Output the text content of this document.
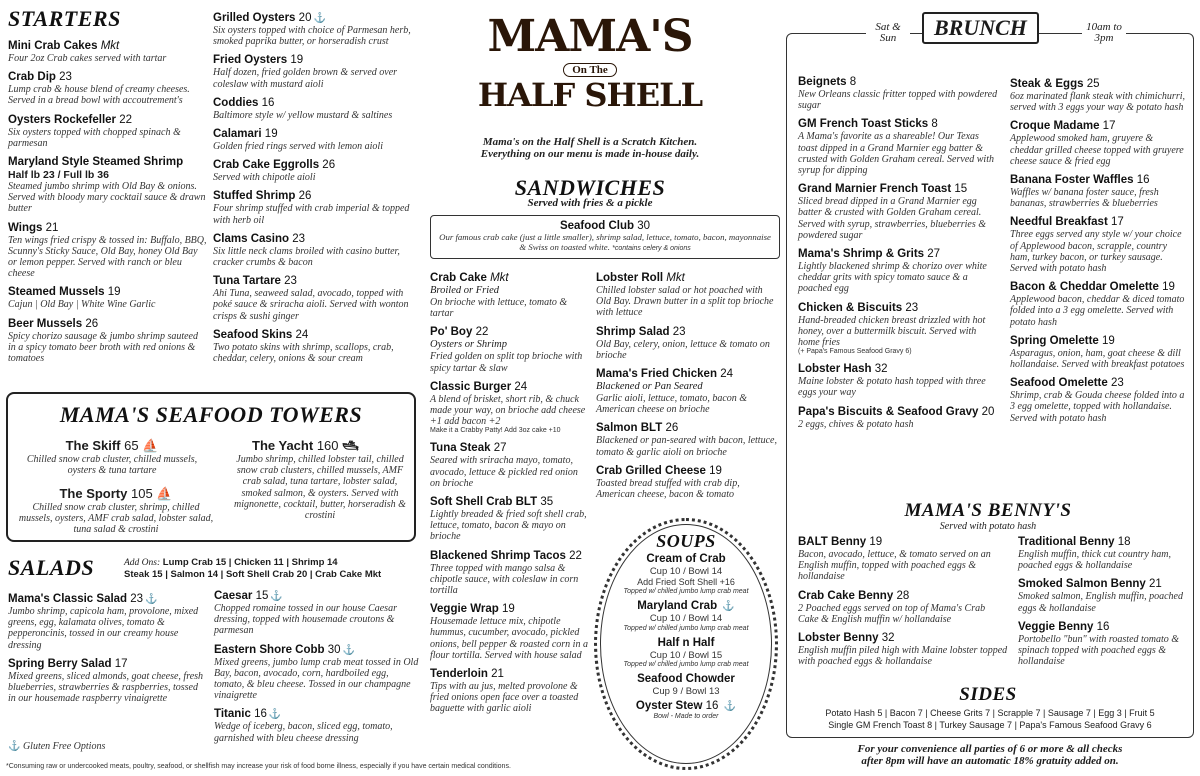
STARTERS
Mini Crab Cakes Mkt
Four 2oz Crab cakes served with tartar
Crab Dip 23
Lump crab & house blend of creamy cheeses. Served in a bread bowl with accoutrement's
Oysters Rockefeller 22
Six oysters topped with chopped spinach & parmesan
Maryland Style Steamed Shrimp
Half lb 23 / Full lb 36
Steamed jumbo shrimp with Old Bay & onions. Served with bloody mary cocktail sauce & drawn butter
Wings 21
Ten wings fried crispy & tossed in: Buffalo, BBQ, Scunny's Sticky Sauce, Old Bay, honey Old Bay or lemon pepper. Served with ranch or bleu cheese
Steamed Mussels 19
Cajun | Old Bay | White Wine Garlic
Beer Mussels 26
Spicy chorizo sausage & jumbo shrimp sauteed in a spicy tomato beer broth with red onions & tomatoes
Grilled Oysters 20 ⚓
Six oysters topped with choice of Parmesan herb, smoked paprika butter, or horseradish crust
Fried Oysters 19
Half dozen, fried golden brown & served over coleslaw with mustard aioli
Coddies 16
Baltimore style w/ yellow mustard & saltines
Calamari 19
Golden fried rings served with lemon aioli
Crab Cake Eggrolls 26
Served with chipotle aioli
Stuffed Shrimp 26
Four shrimp stuffed with crab imperial & topped with herb oil
Clams Casino 23
Six little neck clams broiled with casino butter, cracker crumbs & bacon
Tuna Tartare 23
Ahi Tuna, seaweed salad, avocado, topped with poké sauce & sriracha aioli. Served with wonton crisps & sushi ginger
Seafood Skins 24
Two potato skins with shrimp, scallops, crab, cheddar, celery, onions & sour cream
MAMA'S SEAFOOD TOWERS
The Skiff 65 ⛵
Chilled snow crab cluster, chilled mussels, oysters & tuna tartare
The Sporty 105 ⛵
Chilled snow crab cluster, shrimp, chilled mussels, oysters, AMF crab salad, lobster salad, tuna salad & crostini
The Yacht 160 🛥
Jumbo shrimp, chilled lobster tail, chilled snow crab clusters, chilled mussels, AMF crab salad, tuna tartare, lobster salad, smoked salmon, & oysters. Served with mignonette, cocktail, butter, horseradish & crostini
SALADS	Add Ons: Lump Crab 15 | Chicken 11 | Shrimp 14
Steak 15 | Salmon 14 | Soft Shell Crab 20 | Crab Cake Mkt
Mama's Classic Salad 23 ⚓
Jumbo shrimp, capicola ham, provolone, mixed greens, egg, kalamata olives, tomato & pepperoncinis, tossed in our creamy house dressing
Spring Berry Salad 17
Mixed greens, sliced almonds, goat cheese, fresh blueberries, strawberries & raspberries, tossed in our housemade raspberry vinaigrette
Caesar 15 ⚓
Chopped romaine tossed in our house Caesar dressing, topped with housemade croutons & parmesan
Eastern Shore Cobb 30 ⚓
Mixed greens, jumbo lump crab meat tossed in Old Bay, bacon, avocado, corn, hardboiled egg, tomato, & bleu cheese. Tossed in our champagne vinaigrette
Titanic 16 ⚓
Wedge of iceberg, bacon, sliced egg, tomato, garnished with bleu cheese dressing
⚓ Gluten Free Options
*Consuming raw or undercooked meats, poultry, seafood, or shellfish may increase your risk of food borne illness, especially if you have certain medical conditions.
MAMA'S
On The
HALF SHELL
Mama's on the Half Shell is a Scratch Kitchen.
Everything on our menu is made in-house daily.
SANDWICHES
Served with fries & a pickle
Seafood Club 30
Our famous crab cake (just a little smaller), shrimp salad, lettuce, tomato, bacon, mayonnaise & Swiss on toasted white. *contains celery & onions
Crab Cake Mkt
Broiled or Fried
On brioche with lettuce, tomato & tartar
Po' Boy 22
Oysters or Shrimp
Fried golden on split top brioche with spicy tartar & slaw
Classic Burger 24
A blend of brisket, short rib, & chuck made your way, on brioche add cheese +1 add bacon +2
Make it a Crabby Patty! Add 3oz cake +10
Tuna Steak 27
Seared with sriracha mayo, tomato, avocado, lettuce & pickled red onion on brioche
Soft Shell Crab BLT 35
Lightly breaded & fried soft shell crab, lettuce, tomato, bacon & mayo on brioche
Blackened Shrimp Tacos 22
Three topped with mango salsa & chipotle sauce, with coleslaw in corn tortilla
Veggie Wrap 19
Housemade lettuce mix, chipotle hummus, cucumber, avocado, pickled onions, bell pepper & roasted corn in a flour tortilla. Served with house salad
Tenderloin 21
Tips with au jus, melted provolone & fried onions open face over a toasted baguette with garlic aioli
Lobster Roll Mkt
Chilled lobster salad or hot poached with Old Bay. Drawn butter in a split top brioche with lettuce
Shrimp Salad 23
Old Bay, celery, onion, lettuce & tomato on brioche
Mama's Fried Chicken 24
Blackened or Pan Seared
Garlic aioli, lettuce, tomato, bacon & American cheese on brioche
Salmon BLT 26
Blackened or pan-seared with bacon, lettuce, tomato & garlic aioli on brioche
Crab Grilled Cheese 19
Toasted bread stuffed with crab dip, American cheese, bacon & tomato
SOUPS
Cream of Crab
Cup 10 / Bowl 14
Add Fried Soft Shell +16
Topped w/ chilled jumbo lump crab meat
Maryland Crab ⚓
Cup 10 / Bowl 14
Topped w/ chilled jumbo lump crab meat
Half n Half
Cup 10 / Bowl 15
Topped w/ chilled jumbo lump crab meat
Seafood Chowder
Cup 9 / Bowl 13
Oyster Stew 16 ⚓
Bowl - Made to order
Sat & Sun	BRUNCH	10am to 3pm
Beignets 8
New Orleans classic fritter topped with powdered sugar
GM French Toast Sticks 8
A Mama's favorite as a shareable! Our Texas toast dipped in a Grand Marnier egg batter & crusted with Golden Graham cereal. Served with syrup for dipping
Grand Marnier French Toast 15
Sliced bread dipped in a Grand Marnier egg batter & crusted with Golden Graham cereal. Served with syrup, strawberries, blueberries & powdered sugar
Mama's Shrimp & Grits 27
Lightly blackened shrimp & chorizo over white cheddar grits with spicy tomato sauce & a poached egg
Chicken & Biscuits 23
Hand-breaded chicken breast drizzled with hot honey, over a buttermilk biscuit. Served with home fries
(+ Papa's Famous Seafood Gravy 6)
Lobster Hash 32
Maine lobster & potato hash topped with three eggs your way
Papa's Biscuits & Seafood Gravy 20
2 eggs, chives & potato hash
Steak & Eggs 25
6oz marinated flank steak with chimichurri, served with 3 eggs your way & potato hash
Croque Madame 17
Applewood smoked ham, gruyere & cheddar grilled cheese topped with gruyere cheese sauce & fried egg
Banana Foster Waffles 16
Waffles w/ banana foster sauce, fresh bananas, strawberries & blueberries
Needful Breakfast 17
Three eggs served any style w/ your choice of Applewood bacon, scrapple, country ham, turkey bacon, or turkey sausage. Served with potato hash
Bacon & Cheddar Omelette 19
Applewood bacon, cheddar & diced tomato folded into a 3 egg omelette. Served with potato hash
Spring Omelette 19
Asparagus, onion, ham, goat cheese & dill hollandaise. Served with breakfast potatoes
Seafood Omelette 23
Shrimp, crab & Gouda cheese folded into a 3 egg omelette, topped with hollandaise. Served with potato hash
MAMA'S BENNY'S
Served with potato hash
BALT Benny 19
Bacon, avocado, lettuce, & tomato served on an English muffin, topped with poached eggs & hollandaise
Crab Cake Benny 28
2 Poached eggs served on top of Mama's Crab Cake & English muffin w/ hollandaise
Lobster Benny 32
English muffin piled high with Maine lobster topped with poached eggs & hollandaise
Traditional Benny 18
English muffin, thick cut country ham, poached eggs & hollandaise
Smoked Salmon Benny 21
Smoked salmon, English muffin, poached eggs & hollandaise
Veggie Benny 16
Portobello "bun" with roasted tomato & spinach topped with poached eggs & hollandaise
SIDES
Potato Hash 5 | Bacon 7 | Cheese Grits 7 | Scrapple 7 | Sausage 7 | Egg 3 | Fruit 5
Single GM French Toast 8 | Turkey Sausage 7 | Papa's Famous Seafood Gravy 6
For your convenience all parties of 6 or more & all checks
after 8pm will have an automatic 18% gratuity added on.
